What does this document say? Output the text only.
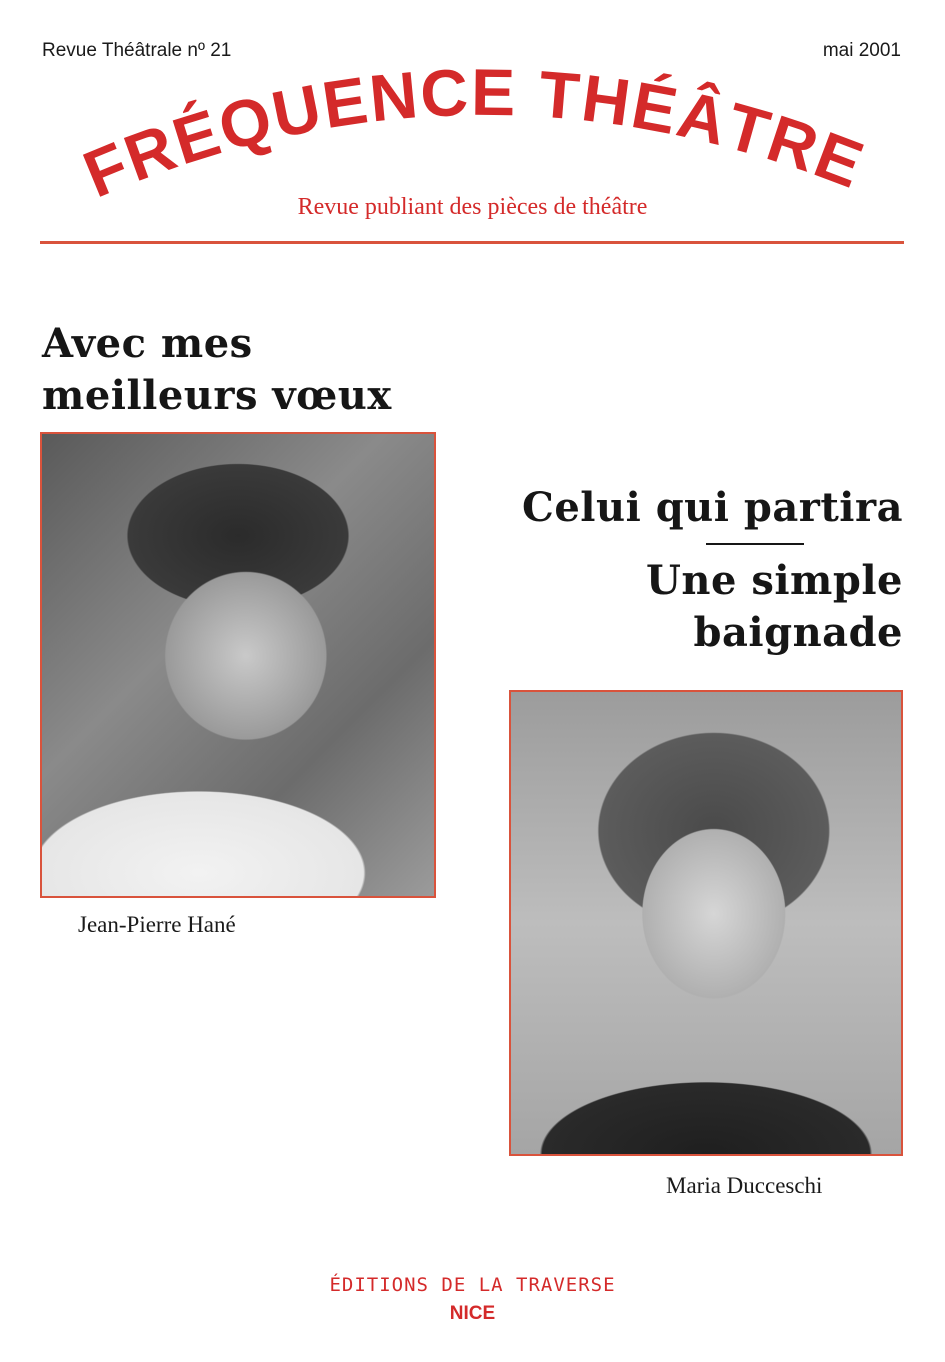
Revue Théâtrale nº 21	mai 2001
FRÉQUENCE THÉÂTRE
Revue publiant des pièces de théâtre
Avec mes
meilleurs vœux
Jean-Pierre Hané
Celui qui partira
Une simple
baignade
Maria Ducceschi
ÉDITIONS DE LA TRAVERSE
NICE
